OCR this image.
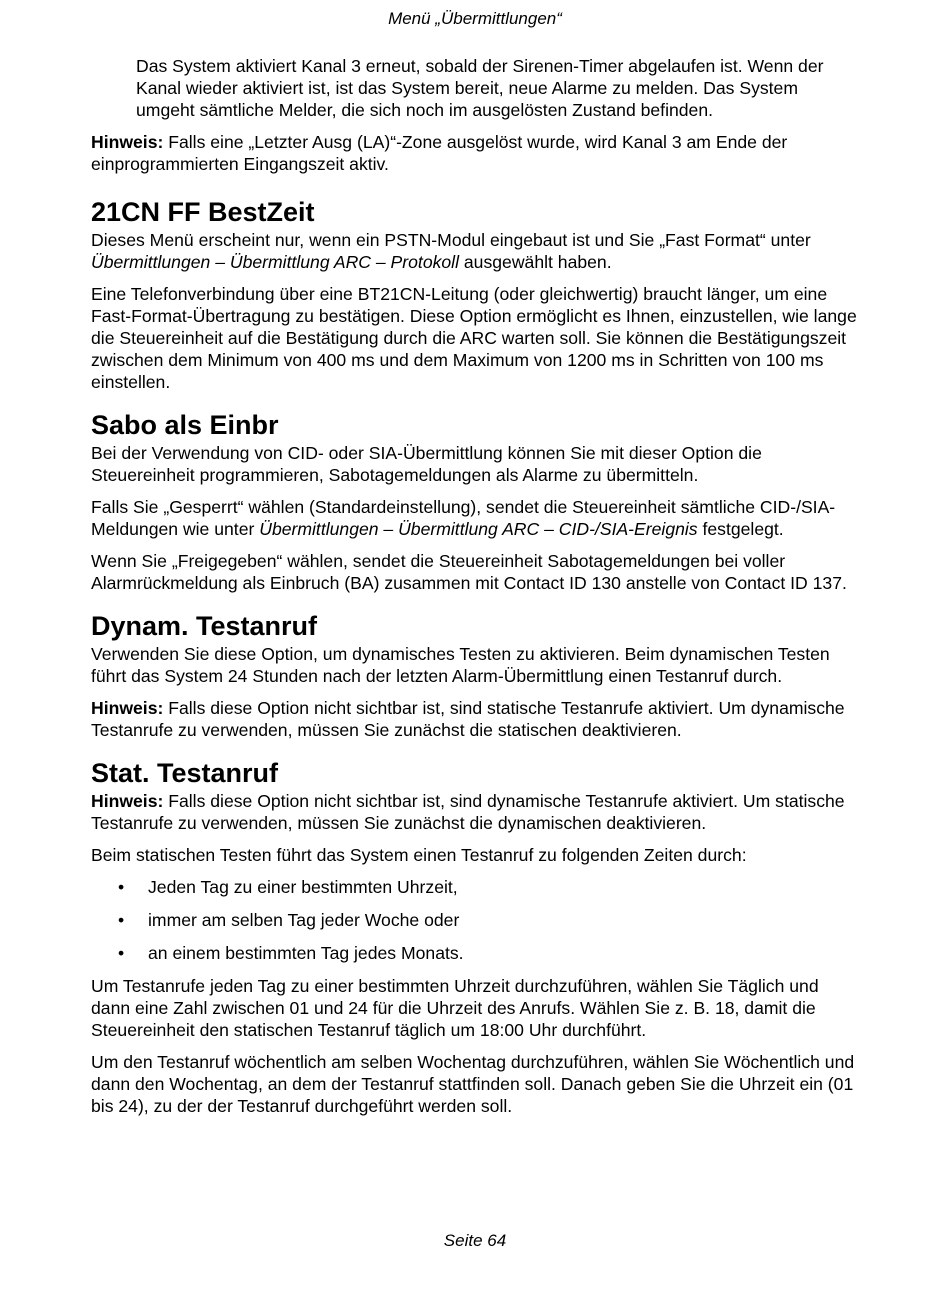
Menü „Übermittlungen“

Das System aktiviert Kanal 3 erneut, sobald der Sirenen-Timer abgelaufen ist. Wenn der Kanal wieder aktiviert ist, ist das System bereit, neue Alarme zu melden. Das System umgeht sämtliche Melder, die sich noch im ausgelösten Zustand befinden.

Hinweis: Falls eine „Letzter Ausg (LA)“-Zone ausgelöst wurde, wird Kanal 3 am Ende der einprogrammierten Eingangszeit aktiv.

21CN FF BestZeit

Dieses Menü erscheint nur, wenn ein PSTN-Modul eingebaut ist und Sie „Fast Format“ unter Übermittlungen – Übermittlung ARC – Protokoll ausgewählt haben.

Eine Telefonverbindung über eine BT21CN-Leitung (oder gleichwertig) braucht länger, um eine Fast-Format-Übertragung zu bestätigen. Diese Option ermöglicht es Ihnen, einzustellen, wie lange die Steuereinheit auf die Bestätigung durch die ARC warten soll. Sie können die Bestätigungszeit zwischen dem Minimum von 400 ms und dem Maximum von 1200 ms in Schritten von 100 ms einstellen.

Sabo als Einbr

Bei der Verwendung von CID- oder SIA-Übermittlung können Sie mit dieser Option die Steuereinheit programmieren, Sabotagemeldungen als Alarme zu übermitteln.

Falls Sie „Gesperrt“ wählen (Standardeinstellung), sendet die Steuereinheit sämtliche CID-/SIA-Meldungen wie unter Übermittlungen – Übermittlung ARC – CID-/SIA-Ereignis festgelegt.

Wenn Sie „Freigegeben“ wählen, sendet die Steuereinheit Sabotagemeldungen bei voller Alarmrückmeldung als Einbruch (BA) zusammen mit Contact ID 130 anstelle von Contact ID 137.

Dynam. Testanruf

Verwenden Sie diese Option, um dynamisches Testen zu aktivieren. Beim dynamischen Testen führt das System 24 Stunden nach der letzten Alarm-Übermittlung einen Testanruf durch.

Hinweis: Falls diese Option nicht sichtbar ist, sind statische Testanrufe aktiviert. Um dynamische Testanrufe zu verwenden, müssen Sie zunächst die statischen deaktivieren.

Stat. Testanruf

Hinweis: Falls diese Option nicht sichtbar ist, sind dynamische Testanrufe aktiviert. Um statische Testanrufe zu verwenden, müssen Sie zunächst die dynamischen deaktivieren.

Beim statischen Testen führt das System einen Testanruf zu folgenden Zeiten durch:

• Jeden Tag zu einer bestimmten Uhrzeit,
• immer am selben Tag jeder Woche oder
• an einem bestimmten Tag jedes Monats.

Um Testanrufe jeden Tag zu einer bestimmten Uhrzeit durchzuführen, wählen Sie Täglich und dann eine Zahl zwischen 01 und 24 für die Uhrzeit des Anrufs. Wählen Sie z. B. 18, damit die Steuereinheit den statischen Testanruf täglich um 18:00 Uhr durchführt.

Um den Testanruf wöchentlich am selben Wochentag durchzuführen, wählen Sie Wöchentlich und dann den Wochentag, an dem der Testanruf stattfinden soll. Danach geben Sie die Uhrzeit ein (01 bis 24), zu der der Testanruf durchgeführt werden soll.

Seite 64
